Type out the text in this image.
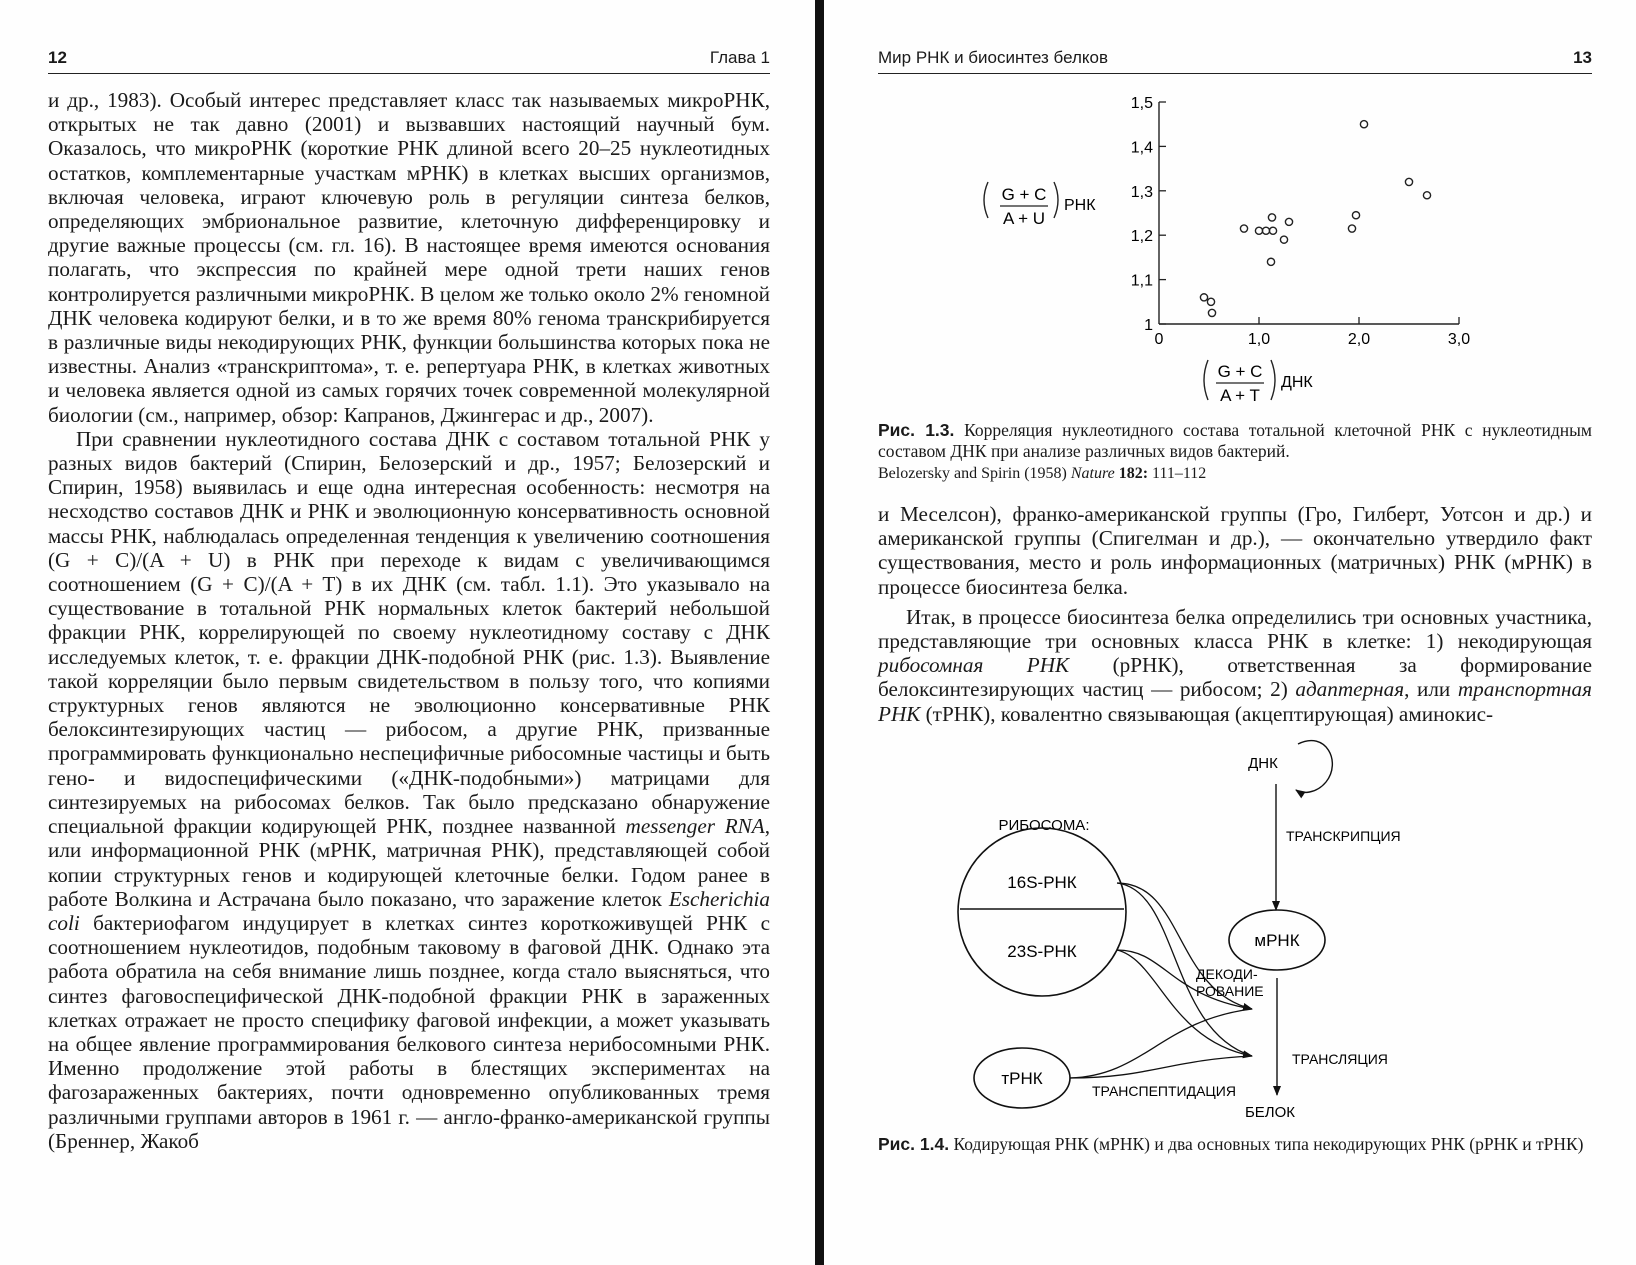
12	Глава 1

и др., 1983). Особый интерес представляет класс так называемых микроРНК, открытых не так давно (2001) и вызвавших настоящий научный бум. Оказалось, что микроРНК (короткие РНК длиной всего 20–25 нуклеотидных остатков, комплементарные участкам мРНК) в клетках высших организмов, включая человека, играют ключевую роль в регуляции синтеза белков, определяющих эмбриональное развитие, клеточную дифференцировку и другие важные процессы (см. гл. 16). В настоящее время имеются основания полагать, что экспрессия по крайней мере одной трети наших генов контролируется различными микроРНК. В целом же только около 2% геномной ДНК человека кодируют белки, и в то же время 80% генома транскрибируется в различные виды некодирующих РНК, функции большинства которых пока не известны. Анализ «транскриптома», т. е. репертуара РНК, в клетках животных и человека является одной из самых горячих точек современной молекулярной биологии (см., например, обзор: Капранов, Джингерас и др., 2007).

При сравнении нуклеотидного состава ДНК с составом тотальной РНК у разных видов бактерий (Спирин, Белозерский и др., 1957; Белозерский и Спирин, 1958) выявилась и еще одна интересная особенность: несмотря на несходство составов ДНК и РНК и эволюционную консервативность основной массы РНК, наблюдалась определенная тенденция к увеличению соотношения (G + C)/(A + U) в РНК при переходе к видам с увеличивающимся соотношением (G + C)/(A + T) в их ДНК (см. табл. 1.1). Это указывало на существование в тотальной РНК нормальных клеток бактерий небольшой фракции РНК, коррелирующей по своему нуклеотидному составу с ДНК исследуемых клеток, т. е. фракции ДНК-подобной РНК (рис. 1.3). Выявление такой корреляции было первым свидетельством в пользу того, что копиями структурных генов являются не эволюционно консервативные РНК белоксинтезирующих частиц — рибосом, а другие РНК, призванные программировать функционально неспецифичные рибосомные частицы и быть гено- и видоспецифическими («ДНК-подобными») матрицами для синтезируемых на рибосомах белков. Так было предсказано обнаружение специальной фракции кодирующей РНК, позднее названной messenger RNA, или информационной РНК (мРНК, матричная РНК), представляющей собой копии структурных генов и кодирующей клеточные белки. Годом ранее в работе Волкина и Астрачана было показано, что заражение клеток Escherichia coli бактериофагом индуцирует в клетках синтез короткоживущей РНК с соотношением нуклеотидов, подобным таковому в фаговой ДНК. Однако эта работа обратила на себя внимание лишь позднее, когда стало выясняться, что синтез фаговоспецифической ДНК-подобной фракции РНК в зараженных клетках отражает не просто специфику фаговой инфекции, а может указывать на общее явление программирования белкового синтеза нерибосомными РНК. Именно продолжение этой работы в блестящих экспериментах на фагозараженных бактериях, почти одновременно опубликованных тремя различными группами авторов в 1961 г. — англо-франко-американской группы (Бреннер, Жакоб

Мир РНК и биосинтез белков	13
G + C
A + U
РНК
1
1,1
1,2
1,3
1,4
1,5
0	1,0	2,0	3,0
G + C
A + T
ДНК
Рис. 1.3. Корреляция нуклеотидного состава тотальной клеточной РНК с нуклеотидным составом ДНК при анализе различных видов бактерий.
Belozersky and Spirin (1958) Nature 182: 111–112

и Меселсон), франко-американской группы (Гро, Гилберт, Уотсон и др.) и американской группы (Спигелман и др.), — окончательно утвердило факт существования, место и роль информационных (матричных) РНК (мРНК) в процессе биосинтеза белка.

Итак, в процессе биосинтеза белка определились три основных участника, представляющие три основных класса РНК в клетке: 1) некодирующая рибосомная РНК (рРНК), ответственная за формирование белоксинтезирующих частиц — рибосом; 2) адаптерная, или транспортная РНК (тРНК), ковалентно связывающая (акцептирующая) аминокис-

ДНК
ТРАНСКРИПЦИЯ
РИБОСОМА:
16S-РНК
23S-РНК
мРНК
ДЕКОДИ-
РОВАНИЕ
ТРАНСЛЯЦИЯ
БЕЛОК
тРНК
ТРАНСПЕПТИДАЦИЯ
Рис. 1.4. Кодирующая РНК (мРНК) и два основных типа некодирующих РНК (рРНК и тРНК)
